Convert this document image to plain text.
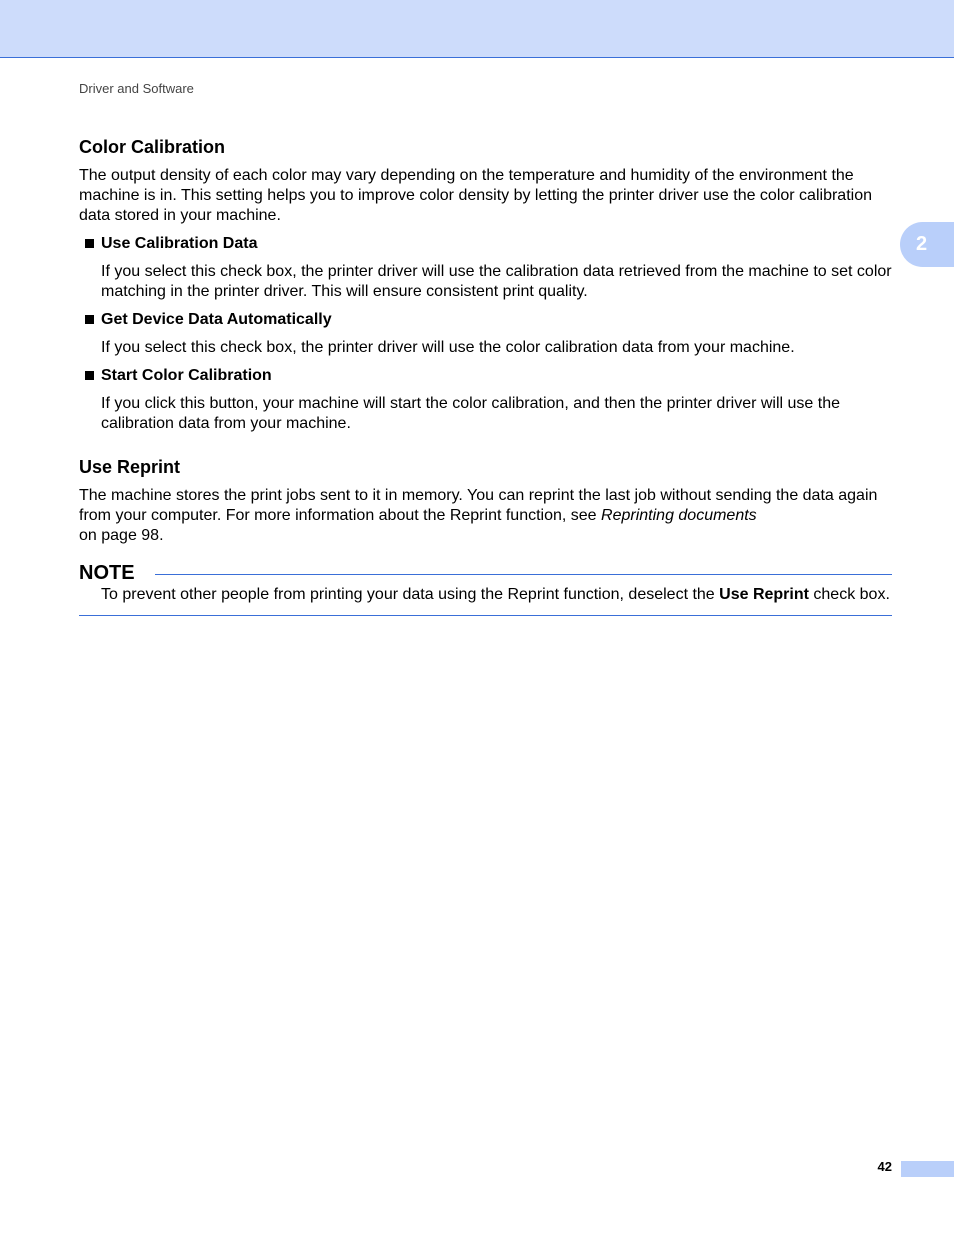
Driver and Software
2
Color Calibration

The output density of each color may vary depending on the temperature and humidity of the environment the machine is in. This setting helps you to improve color density by letting the printer driver use the color calibration data stored in your machine.

Use Calibration Data

If you select this check box, the printer driver will use the calibration data retrieved from the machine to set color matching in the printer driver. This will ensure consistent print quality.

Get Device Data Automatically

If you select this check box, the printer driver will use the color calibration data from your machine.

Start Color Calibration

If you click this button, your machine will start the color calibration, and then the printer driver will use the calibration data from your machine.

Use Reprint

The machine stores the print jobs sent to it in memory. You can reprint the last job without sending the data again from your computer. For more information about the Reprint function, see Reprinting documents
on page 98.

NOTE

To prevent other people from printing your data using the Reprint function, deselect the Use Reprint check box.

42
